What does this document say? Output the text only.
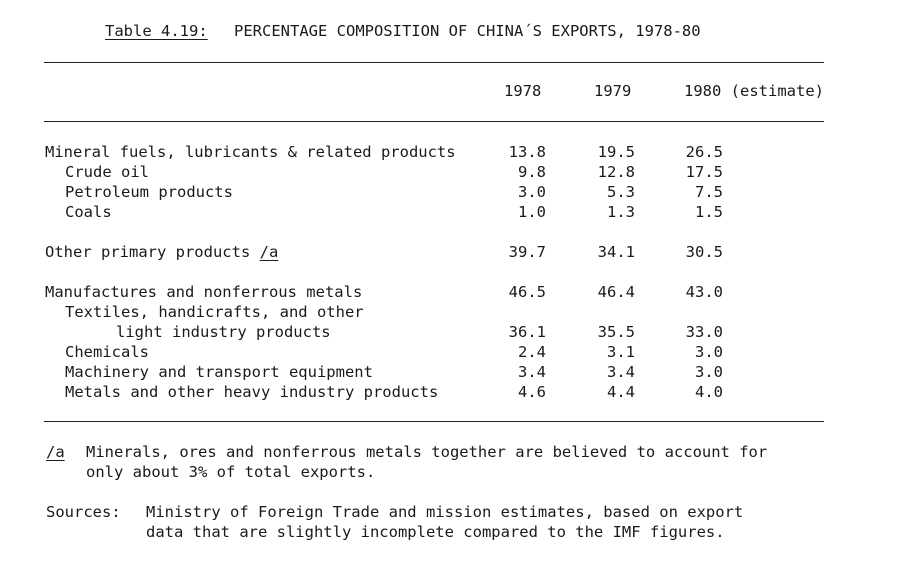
Table 4.19: PERCENTAGE COMPOSITION OF CHINA´S EXPORTS, 1978-80
1978	1979	1980 (estimate)
Mineral fuels, lubricants & related products	13.8	19.5	26.5
Crude oil	9.8	12.8	17.5
Petroleum products	3.0	5.3	7.5
Coals	1.0	1.3	1.5
Other primary products /a	39.7	34.1	30.5
Manufactures and nonferrous metals	46.5	46.4	43.0
Textiles, handicrafts, and other
light industry products	36.1	35.5	33.0
Chemicals	2.4	3.1	3.0
Machinery and transport equipment	3.4	3.4	3.0
Metals and other heavy industry products	4.6	4.4	4.0
/a Minerals, ores and nonferrous metals together are believed to account for
only about 3% of total exports.
Sources: Ministry of Foreign Trade and mission estimates, based on export
data that are slightly incomplete compared to the IMF figures.
